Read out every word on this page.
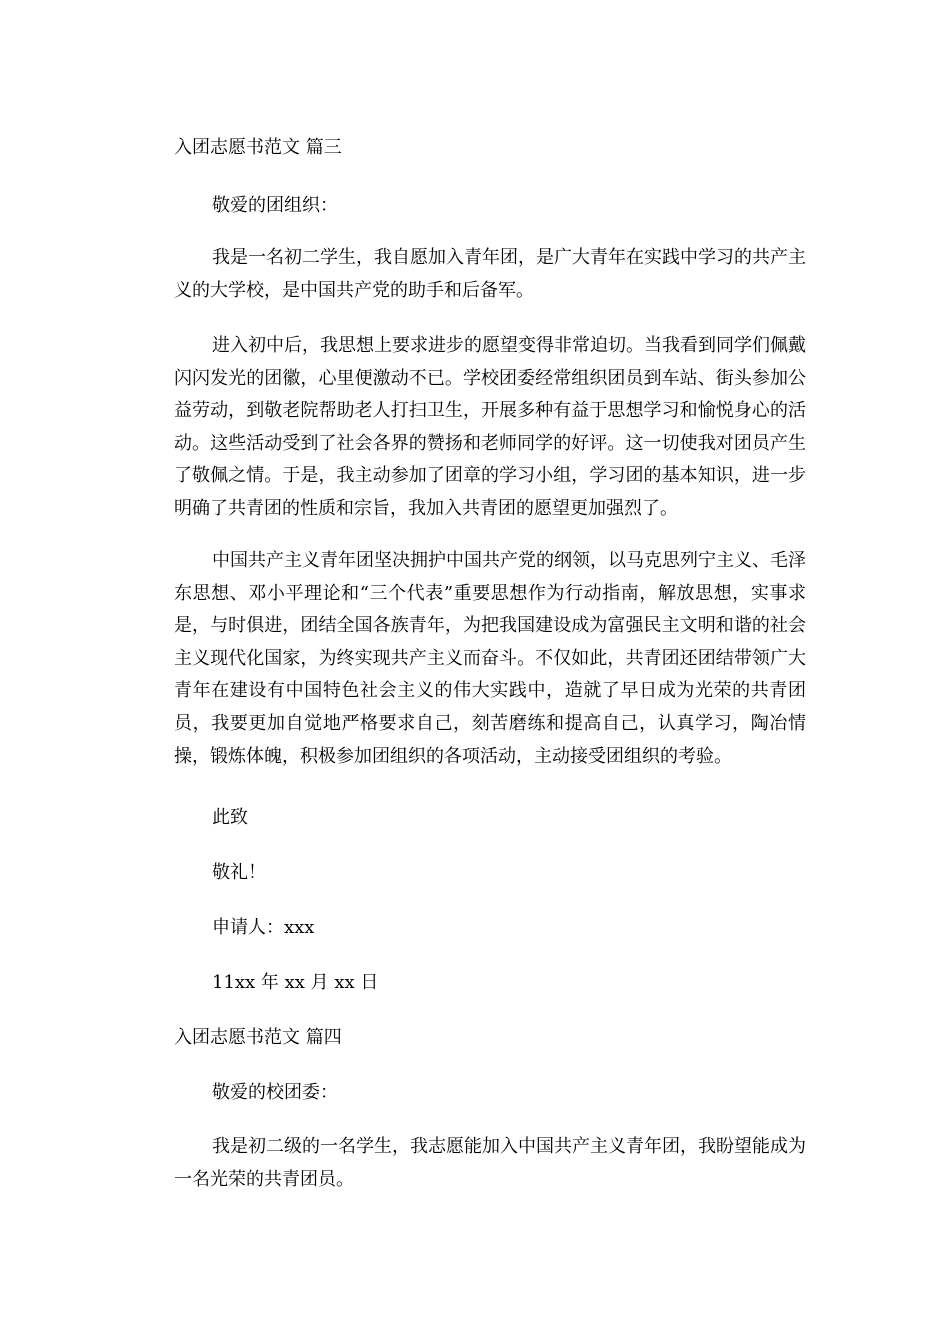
入团志愿书范文 篇三
敬爱的团组织：
我是一名初二学生，我自愿加入青年团，是广大青年在实践中学习的共产主义的大学校，是中国共产党的助手和后备军。
进入初中后，我思想上要求进步的愿望变得非常迫切。当我看到同学们佩戴闪闪发光的团徽，心里便激动不已。学校团委经常组织团员到车站、街头参加公益劳动，到敬老院帮助老人打扫卫生，开展多种有益于思想学习和愉悦身心的活动。这些活动受到了社会各界的赞扬和老师同学的好评。这一切使我对团员产生了敬佩之情。于是，我主动参加了团章的学习小组，学习团的基本知识，进一步明确了共青团的性质和宗旨，我加入共青团的愿望更加强烈了。
中国共产主义青年团坚决拥护中国共产党的纲领，以马克思列宁主义、毛泽东思想、邓小平理论和“三个代表”重要思想作为行动指南，解放思想，实事求是，与时俱进，团结全国各族青年，为把我国建设成为富强民主文明和谐的社会主义现代化国家，为终实现共产主义而奋斗。不仅如此，共青团还团结带领广大青年在建设有中国特色社会主义的伟大实践中，造就了早日成为光荣的共青团员，我要更加自觉地严格要求自己，刻苦磨练和提高自己，认真学习，陶冶情操，锻炼体魄，积极参加团组织的各项活动，主动接受团组织的考验。
此致
敬礼！
申请人：xxx
11xx 年 xx 月 xx 日
入团志愿书范文 篇四
敬爱的校团委：
我是初二级的一名学生，我志愿能加入中国共产主义青年团，我盼望能成为一名光荣的共青团员。
